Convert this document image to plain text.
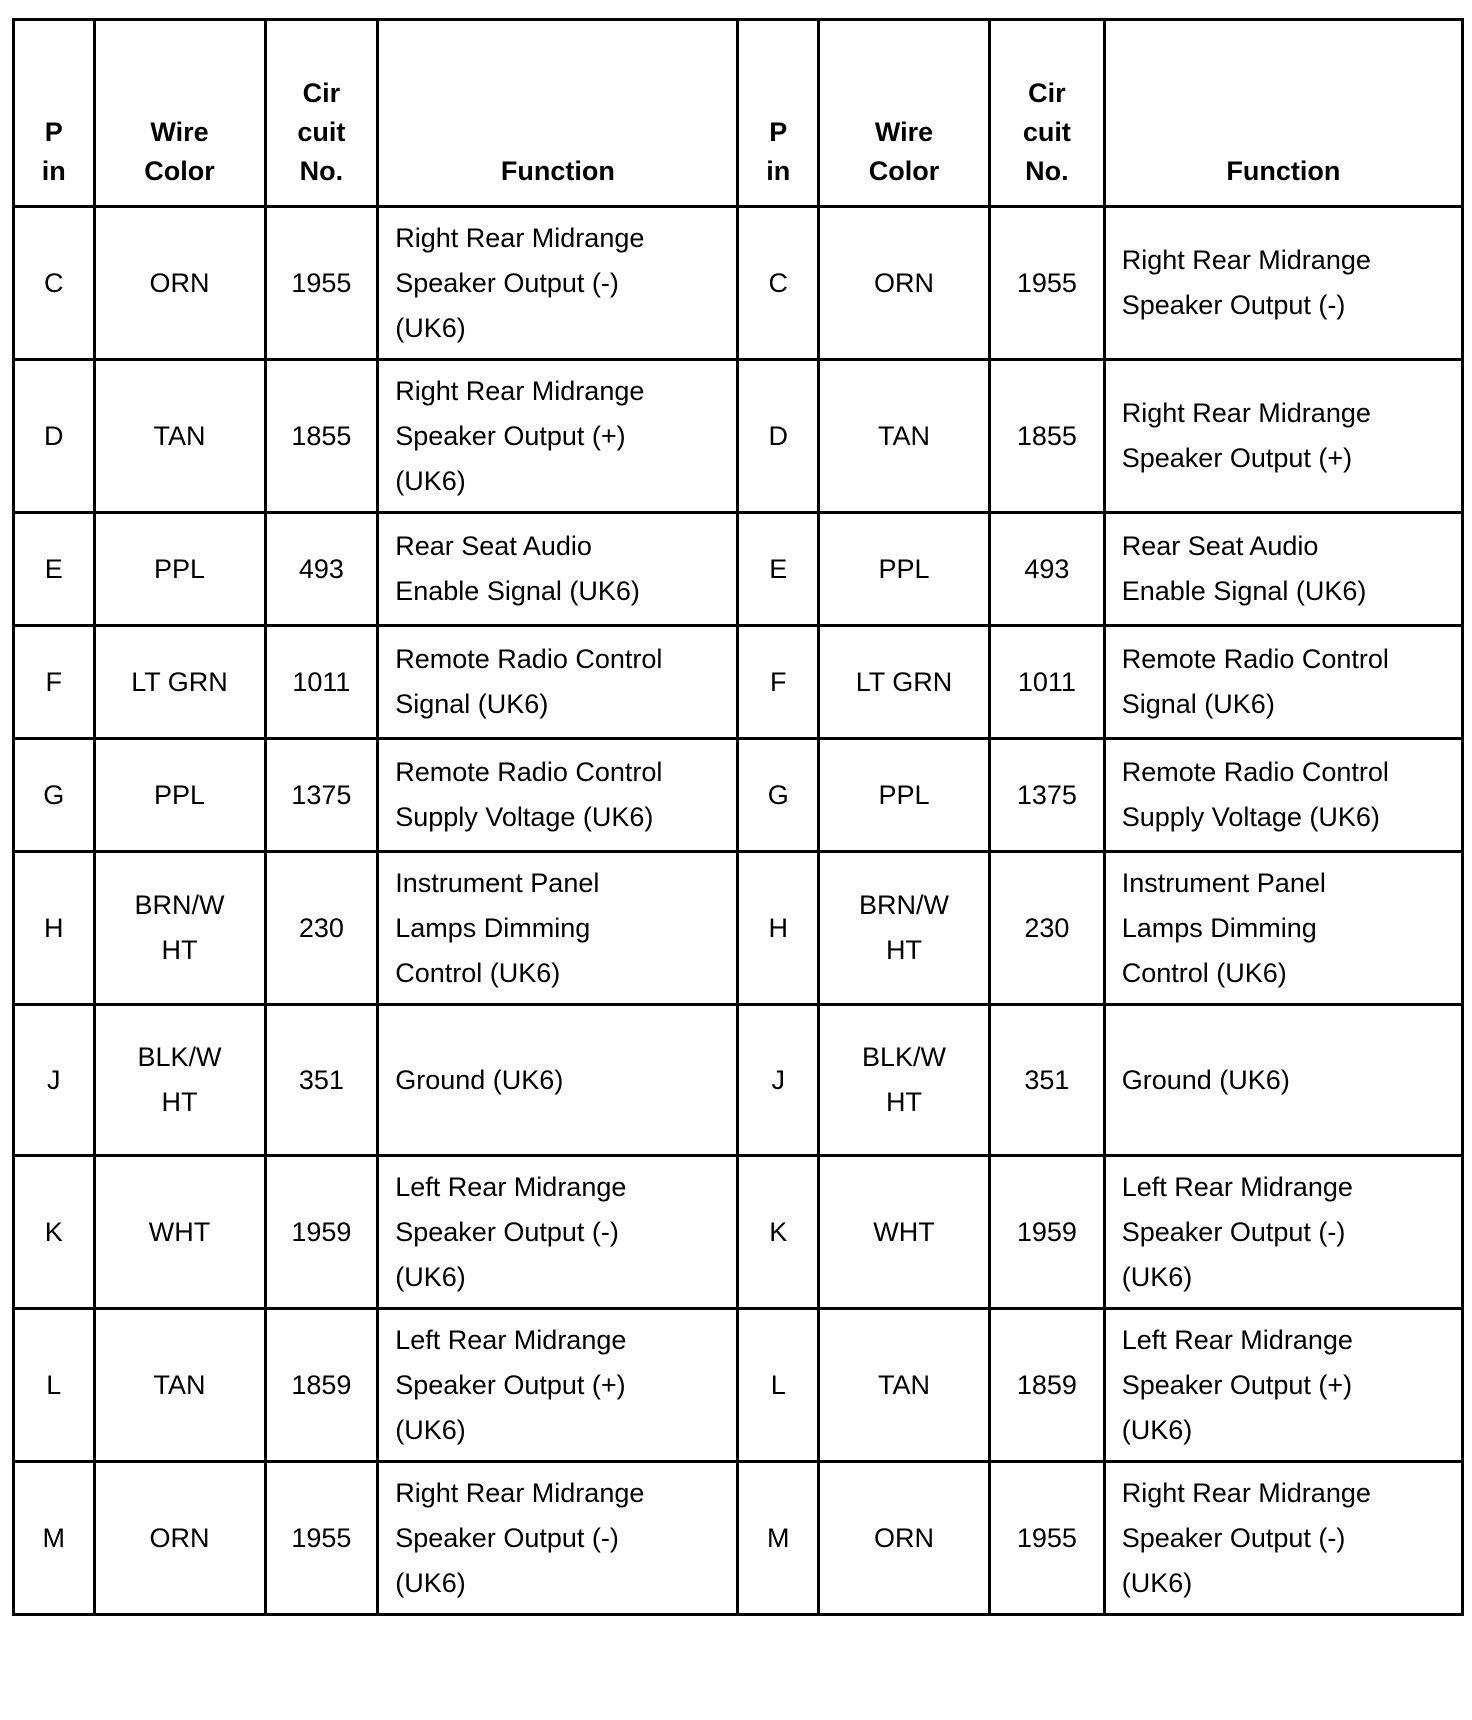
P
in	Wire
Color	Cir
cuit
No.	Function	P
in	Wire
Color	Cir
cuit
No.	Function

C	ORN	1955	Right Rear Midrange
Speaker Output (-)
(UK6)	C	ORN	1955	Right Rear Midrange
Speaker Output (-)

D	TAN	1855	Right Rear Midrange
Speaker Output (+)
(UK6)	D	TAN	1855	Right Rear Midrange
Speaker Output (+)

E	PPL	493	Rear Seat Audio
Enable Signal (UK6)	E	PPL	493	Rear Seat Audio
Enable Signal (UK6)

F	LT GRN	1011	Remote Radio Control
Signal (UK6)	F	LT GRN	1011	Remote Radio Control
Signal (UK6)

G	PPL	1375	Remote Radio Control
Supply Voltage (UK6)	G	PPL	1375	Remote Radio Control
Supply Voltage (UK6)

H	BRN/W
HT	230	Instrument Panel
Lamps Dimming
Control (UK6)	H	BRN/W
HT	230	Instrument Panel
Lamps Dimming
Control (UK6)

J	BLK/W
HT	351	Ground (UK6)	J	BLK/W
HT	351	Ground (UK6)

K	WHT	1959	Left Rear Midrange
Speaker Output (-)
(UK6)	K	WHT	1959	Left Rear Midrange
Speaker Output (-)
(UK6)

L	TAN	1859	Left Rear Midrange
Speaker Output (+)
(UK6)	L	TAN	1859	Left Rear Midrange
Speaker Output (+)
(UK6)

M	ORN	1955	Right Rear Midrange
Speaker Output (-)
(UK6)	M	ORN	1955	Right Rear Midrange
Speaker Output (-)
(UK6)
